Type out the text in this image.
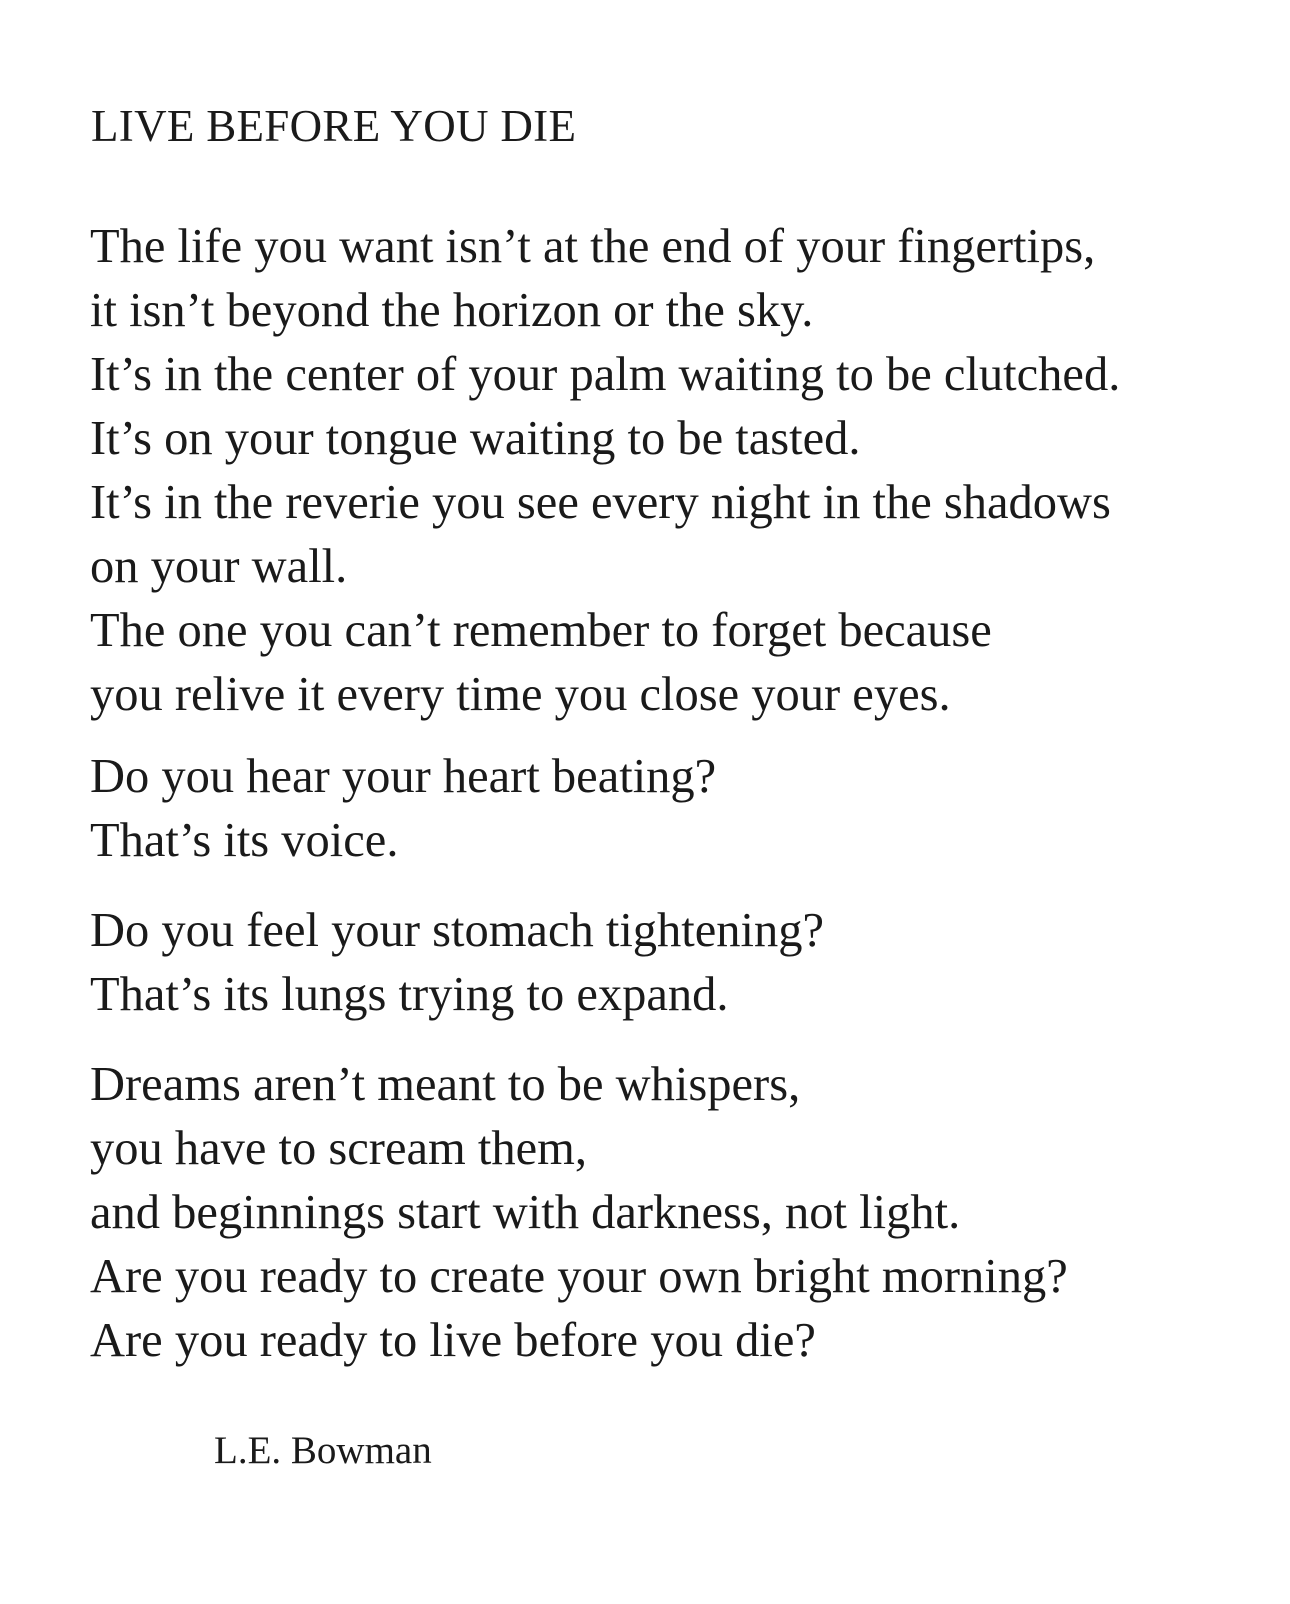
LIVE BEFORE YOU DIE
The life you want isn’t at the end of your fingertips,
it isn’t beyond the horizon or the sky.
It’s in the center of your palm waiting to be clutched.
It’s on your tongue waiting to be tasted.
It’s in the reverie you see every night in the shadows
on your wall.
The one you can’t remember to forget because
you relive it every time you close your eyes.
Do you hear your heart beating?
That’s its voice.
Do you feel your stomach tightening?
That’s its lungs trying to expand.
Dreams aren’t meant to be whispers,
you have to scream them,
and beginnings start with darkness, not light.
Are you ready to create your own bright morning?
Are you ready to live before you die?

L.E. Bowman
